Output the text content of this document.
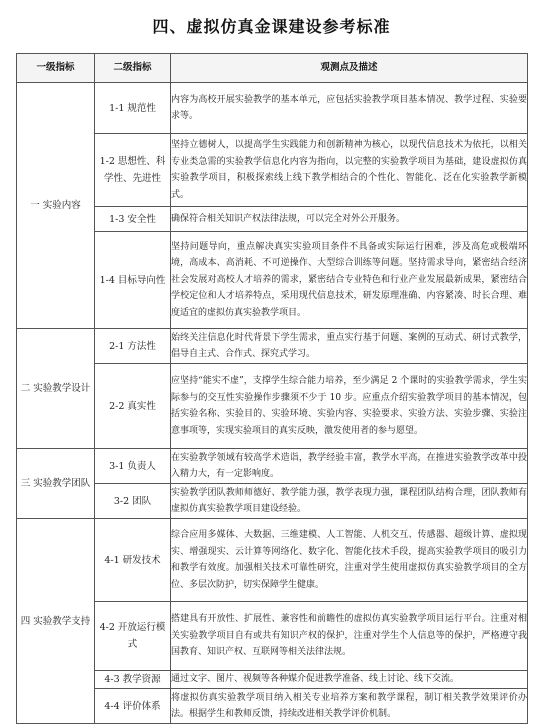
四、虚拟仿真金课建设参考标准
一级指标	二级指标	观测点及描述
一 实验内容	1-1 规范性	内容为高校开展实验教学的基本单元，应包括实验教学项目基本情况、教学过程、实验要求等。
	1-2 思想性、科学性、先进性	坚持立德树人，以提高学生实践能力和创新精神为核心，以现代信息技术为依托，以相关专业类急需的实验教学信息化内容为指向，以完整的实验教学项目为基础，建设虚拟仿真实验教学项目，积极探索线上线下教学相结合的个性化、智能化、泛在化实验教学新模式。
	1-3 安全性	确保符合相关知识产权法律法规，可以完全对外公开服务。
	1-4 目标导向性	坚持问题导向，重点解决真实实验项目条件不具备或实际运行困难，涉及高危或极端环境，高成本、高消耗、不可逆操作、大型综合训练等问题。坚持需求导向，紧密结合经济社会发展对高校人才培养的需求，紧密结合专业特色和行业产业发展最新成果，紧密结合学校定位和人才培养特点，采用现代信息技术，研发原理准确、内容紧凑、时长合理、难度适宜的虚拟仿真实验教学项目。
二 实验教学设计	2-1 方法性	始终关注信息化时代背景下学生需求，重点实行基于问题、案例的互动式、研讨式教学，倡导自主式、合作式、探究式学习。
	2-2 真实性	应坚持“能实不虚”，支撑学生综合能力培养，至少满足 2 个课时的实验教学需求，学生实际参与的交互性实验操作步骤须不少于 10 步。应重点介绍实验教学项目的基本情况，包括实验名称、实验目的、实验环境、实验内容、实验要求、实验方法、实验步骤、实验注意事项等，实现实验项目的真实反映，激发使用者的参与愿望。
三 实验教学团队	3-1 负责人	在实验教学领域有较高学术造诣，教学经验丰富，教学水平高，在推进实验教学改革中投入精力大，有一定影响度。
	3-2 团队	实验教学团队教师师德好、教学能力强，教学表现力强，课程团队结构合理，团队教师有虚拟仿真实验教学项目建设经验。
四 实验教学支持	4-1 研发技术	综合应用多媒体、大数据、三维建模、人工智能、人机交互、传感器、超级计算、虚拟现实、增强现实、云计算等网络化、数字化、智能化技术手段，提高实验教学项目的吸引力和教学有效度。加强相关技术可靠性研究，注重对学生使用虚拟仿真实验教学项目的全方位、多层次防护，切实保障学生健康。
	4-2 开放运行模式	搭建具有开放性、扩展性、兼容性和前瞻性的虚拟仿真实验教学项目运行平台。注重对相关实验教学项目自有或共有知识产权的保护，注重对学生个人信息等的保护，严格遵守我国教育、知识产权、互联网等相关法律法规。
	4-3 教学资源	通过文字、图片、视频等各种媒介促进教学准备、线上讨论、线下交流。
	4-4 评价体系	将虚拟仿真实验教学项目纳入相关专业培养方案和教学课程，制订相关教学效果评价办法。根据学生和教师反馈，持续改进相关教学评价机制。
